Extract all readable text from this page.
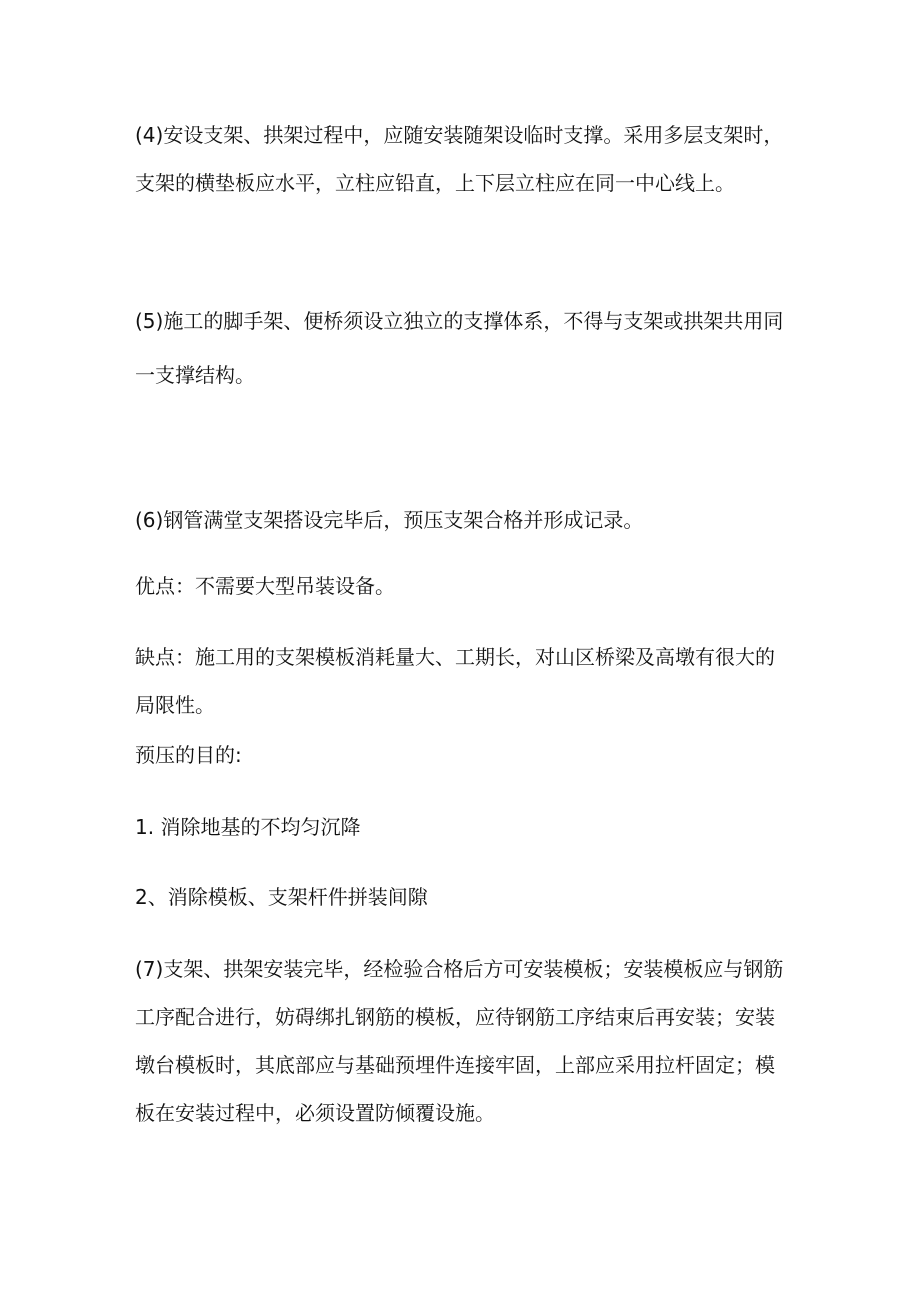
(4)安设支架、拱架过程中，应随安装随架设临时支撑。采用多层支架时，
支架的横垫板应水平，立柱应铅直，上下层立柱应在同一中心线上。
(5)施工的脚手架、便桥须设立独立的支撑体系，不得与支架或拱架共用同
一支撑结构。
(6)钢管满堂支架搭设完毕后，预压支架合格并形成记录。
优点：不需要大型吊装设备。
缺点：施工用的支架模板消耗量大、工期长，对山区桥梁及高墩有很大的
局限性。
预压的目的:
1. 消除地基的不均匀沉降
2、消除模板、支架杆件拼装间隙
(7)支架、拱架安装完毕，经检验合格后方可安装模板；安装模板应与钢筋
工序配合进行，妨碍绑扎钢筋的模板，应待钢筋工序结束后再安装；安装
墩台模板时，其底部应与基础预埋件连接牢固，上部应采用拉杆固定；模
板在安装过程中，必须设置防倾覆设施。
